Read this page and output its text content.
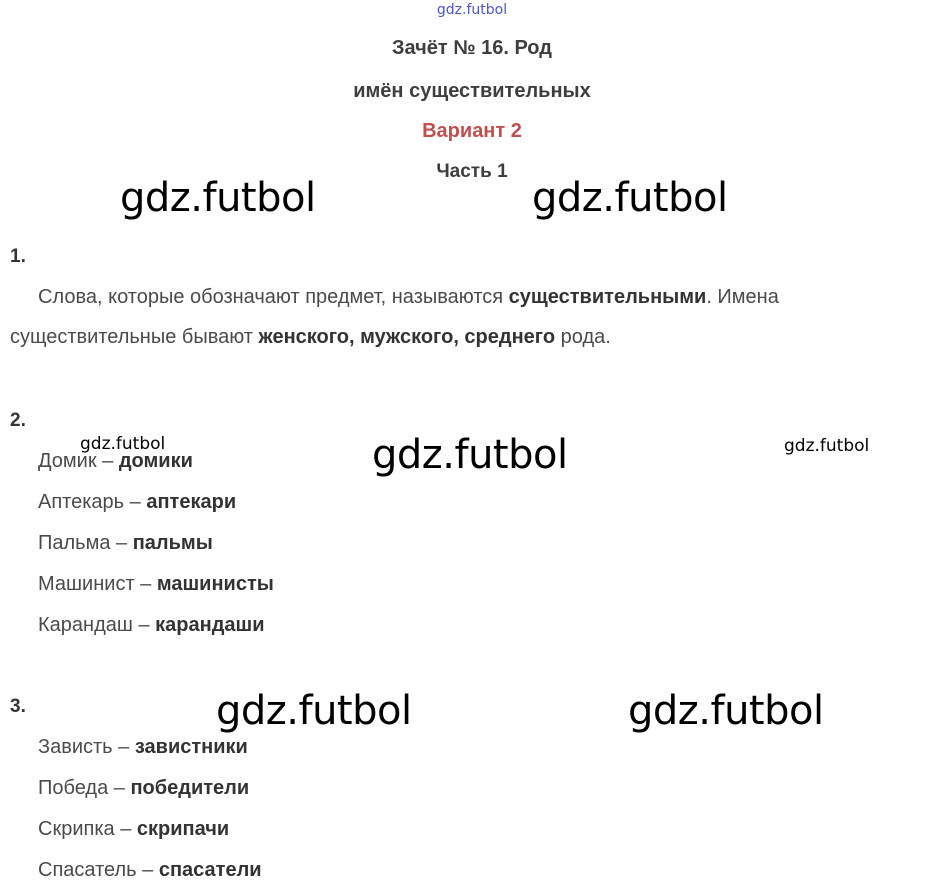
gdz.futbol
Зачёт № 16. Род
имён существительных
Вариант 2
Часть 1
gdz.futbol	gdz.futbol
1.
Слова, которые обозначают предмет, называются существительными. Имена
существительные бывают женского, мужского, среднего рода.
2.
gdz.futbol	gdz.futbol	gdz.futbol
Домик – домики
Аптекарь – аптекари
Пальма – пальмы
Машинист – машинисты
Карандаш – карандаши
3.	gdz.futbol	gdz.futbol
Зависть – завистники
Победа – победители
Скрипка – скрипачи
Спасатель – спасатели
